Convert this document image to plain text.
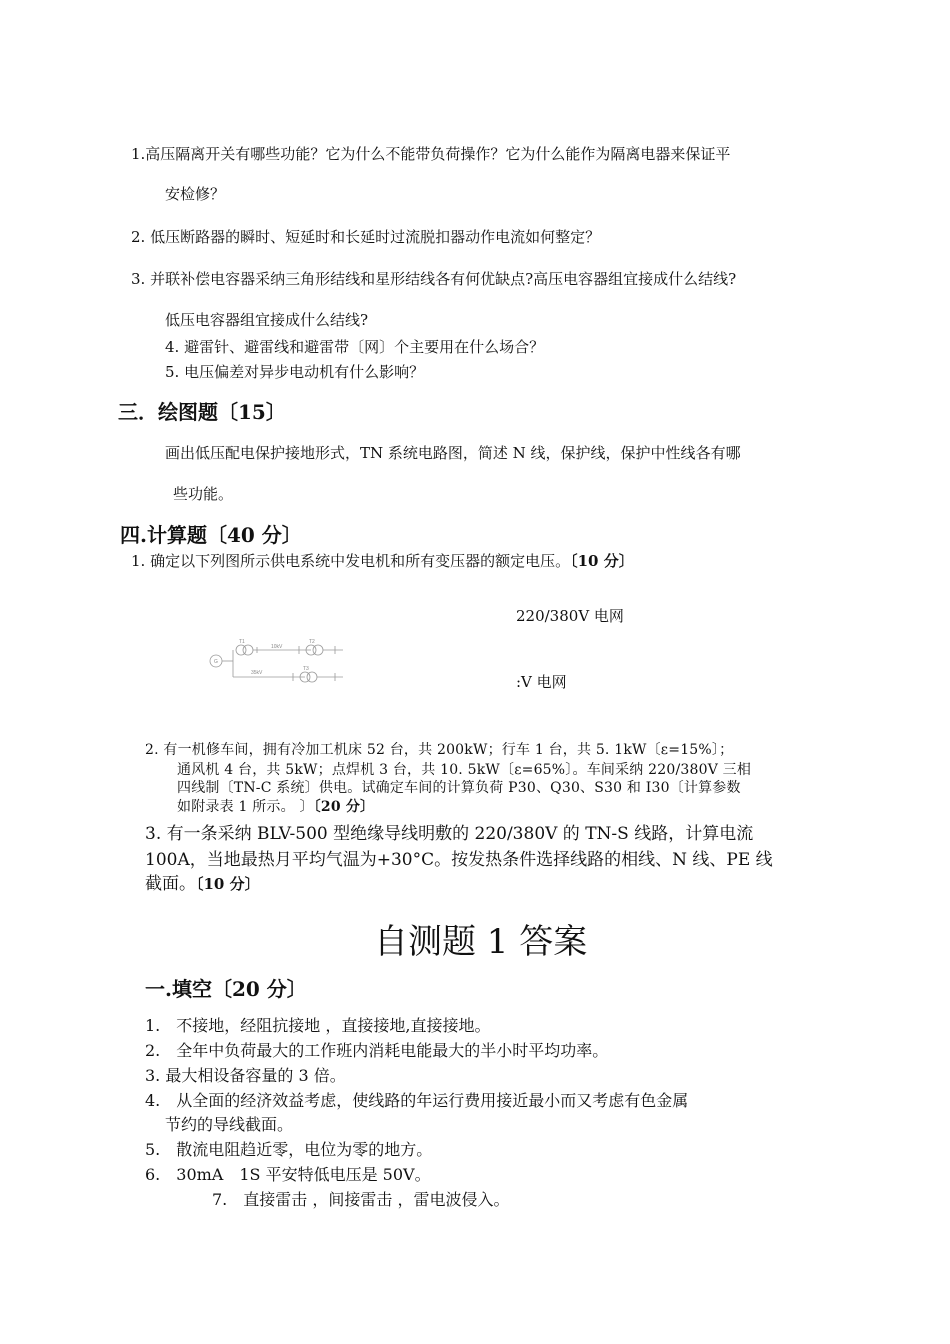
1.高压隔离开关有哪些功能？它为什么不能带负荷操作？它为什么能作为隔离电器来保证平
安检修？
2. 低压断路器的瞬时、短延时和长延时过流脱扣器动作电流如何整定？
3. 并联补偿电容器采纳三角形结线和星形结线各有何优缺点?高压电容器组宜接成什么结线?
低压电容器组宜接成什么结线?
4. 避雷针、避雷线和避雷带〔网〕个主要用在什么场合？
5. 电压偏差对异步电动机有什么影响？
三．绘图题〔15〕
画出低压配电保护接地形式，TN 系统电路图，简述 N 线，保护线，保护中性线各有哪
些功能。
四.计算题〔40 分〕
1. 确定以下列图所示供电系统中发电机和所有变压器的额定电压。〔10 分〕
G
T1	T2
T3
10kV
35kV
220/380V 电网
:V 电网
2. 有一机修车间，拥有冷加工机床 52 台，共 200kW；行车 1 台，共 5. 1kW〔ε=15%〕；
通风机 4 台，共 5kW；点焊机 3 台，共 10. 5kW〔ε=65%〕。车间采纳 220/380V 三相
四线制〔TN-C 系统〕供电。试确定车间的计算负荷 P30、Q30、S30 和 I30〔计算参数
如附录表 1 所示。 〕〔20 分〕
3. 有一条采纳 BLV-500 型绝缘导线明敷的 220/380V 的 TN-S 线路，计算电流
100A，当地最热月平均气温为+30°C。按发热条件选择线路的相线、N 线、PE 线
截面。〔10 分〕
自测题 1 答案
一.填空〔20 分〕
1.　不接地，经阻抗接地 ，直接接地,直接接地。
2.　全年中负荷最大的工作班内消耗电能最大的半小时平均功率。
3. 最大相设备容量的 3 倍。
4.　从全面的经济效益考虑，使线路的年运行费用接近最小而又考虑有色金属
节约的导线截面。
5.　散流电阻趋近零，电位为零的地方。
6.　30mA　1S 平安特低电压是 50V。
7.　直接雷击 ，间接雷击 ，雷电波侵入。
